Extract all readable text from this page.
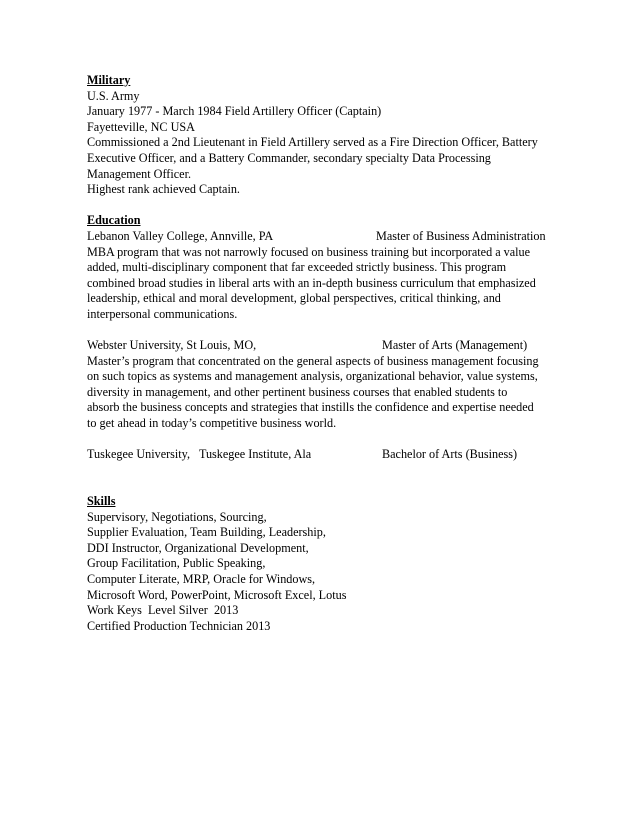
Military
U.S. Army
January 1977 - March 1984 Field Artillery Officer (Captain)
Fayetteville, NC USA
Commissioned a 2nd Lieutenant in Field Artillery served as a Fire Direction Officer, Battery
Executive Officer, and a Battery Commander, secondary specialty Data Processing
Management Officer.
Highest rank achieved Captain.
Education
Lebanon Valley College, Annville, PA	Master of Business Administration
MBA program that was not narrowly focused on business training but incorporated a value
added, multi-disciplinary component that far exceeded strictly business. This program
combined broad studies in liberal arts with an in-depth business curriculum that emphasized
leadership, ethical and moral development, global perspectives, critical thinking, and
interpersonal communications.
Webster University, St Louis, MO,	Master of Arts (Management)
Master’s program that concentrated on the general aspects of business management focusing
on such topics as systems and management analysis, organizational behavior, value systems,
diversity in management, and other pertinent business courses that enabled students to
absorb the business concepts and strategies that instills the confidence and expertise needed
to get ahead in today’s competitive business world.
Tuskegee University,   Tuskegee Institute, Ala	Bachelor of Arts (Business)
Skills
Supervisory, Negotiations, Sourcing,
Supplier Evaluation, Team Building, Leadership,
DDI Instructor, Organizational Development,
Group Facilitation, Public Speaking,
Computer Literate, MRP, Oracle for Windows,
Microsoft Word, PowerPoint, Microsoft Excel, Lotus
Work Keys  Level Silver  2013
Certified Production Technician 2013
